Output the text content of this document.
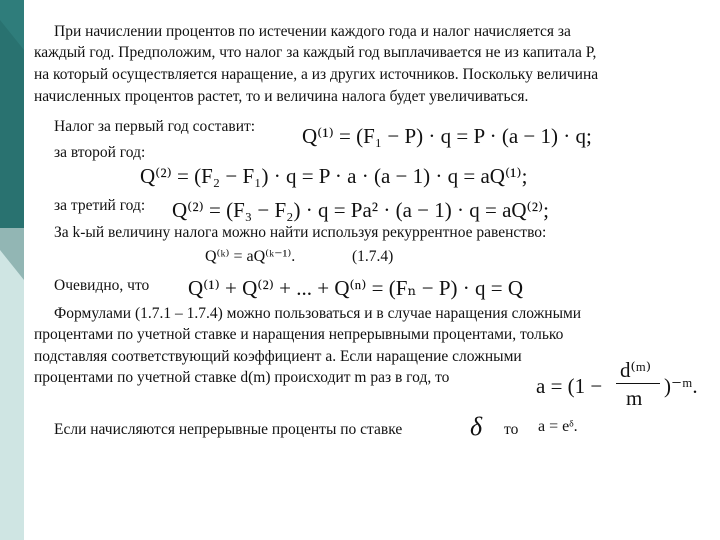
При начислении процентов по истечении каждого года и налог начисляется за
каждый год. Предположим, что налог за каждый год выплачивается не из капитала Р,
на который осуществляется наращение, а из других источников. Поскольку величина
начисленных процентов растет, то и величина налога будет увеличиваться.
Налог за первый год составит: Q⁽¹⁾ = (F₁ − P) · q = P · (a − 1) · q;
за второй год:
Q⁽²⁾ = (F₂ − F₁) · q = P · a · (a − 1) · q = aQ⁽¹⁾;
за третий год: Q⁽²⁾ = (F₃ − F₂) · q = Pa² · (a − 1) · q = aQ⁽²⁾;
За k-ый величину налога можно найти используя рекуррентное равенство:
Q⁽ᵏ⁾ = aQ⁽ᵏ⁻¹⁾.	(1.7.4)
Очевидно, что Q⁽¹⁾ + Q⁽²⁾ + ... + Q⁽ⁿ⁾ = (Fₙ − P) · q = Q
Формулами (1.7.1 – 1.7.4) можно пользоваться и в случае наращения сложными
процентами по учетной ставке и наращения непрерывными процентами, только
подставляя соответствующий коэффициент а. Если наращение сложными
процентами по учетной ставке d(m) происходит m раз в год, то	a = (1 −
d⁽ᵐ⁾
m )⁻ᵐ.
Если начисляются непрерывные проценты по ставке	δ то a = eᵟ.
